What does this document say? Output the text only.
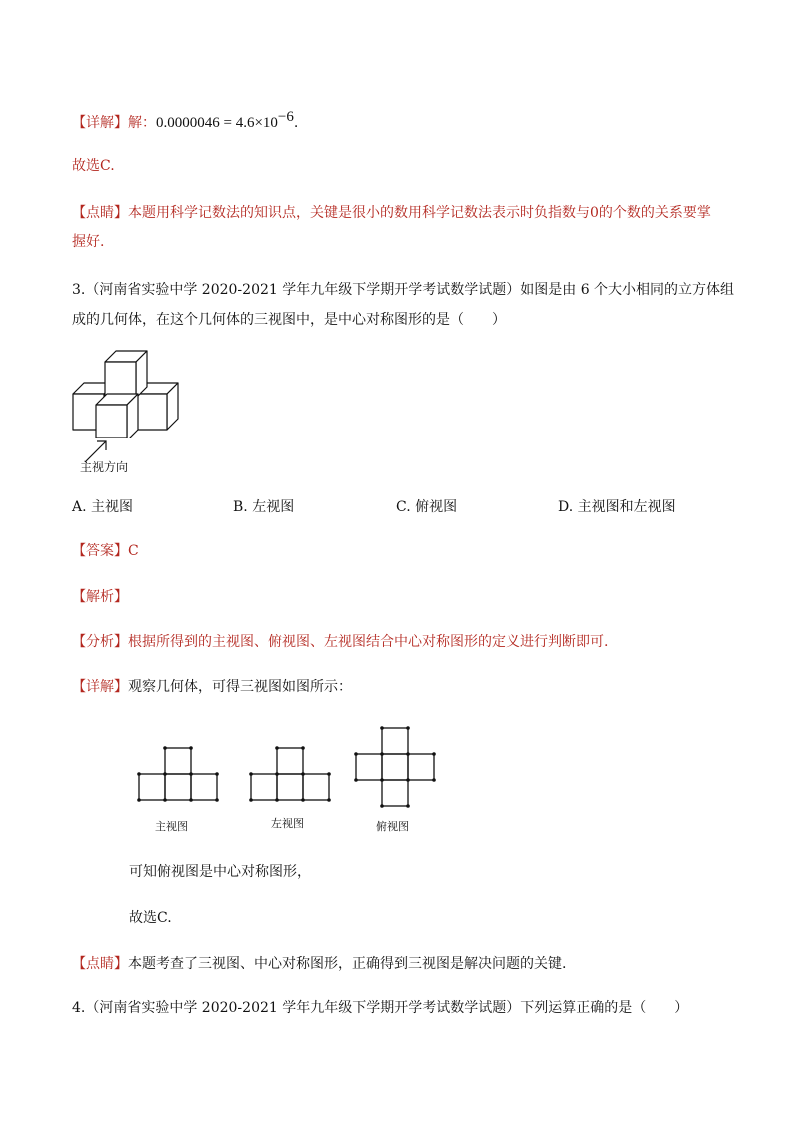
【详解】解：$0.0000046 = 4.6\times 10^{-6}$.
故选C.
【点睛】本题用科学记数法的知识点，关键是很小的数用科学记数法表示时负指数与0的个数的关系要掌
握好.
3.（河南省实验中学 2020-2021 学年九年级下学期开学考试数学试题）如图是由 6 个大小相同的立方体组
成的几何体，在这个几何体的三视图中，是中心对称图形的是（　　）
主视方向
A. 主视图	B. 左视图	C. 俯视图	D. 主视图和左视图
【答案】C
【解析】
【分析】根据所得到的主视图、俯视图、左视图结合中心对称图形的定义进行判断即可.
【详解】观察几何体，可得三视图如图所示：
主视图	左视图	俯视图
可知俯视图是中心对称图形，
故选C.
【点睛】本题考查了三视图、中心对称图形，正确得到三视图是解决问题的关键.
4.（河南省实验中学 2020-2021 学年九年级下学期开学考试数学试题）下列运算正确的是（　　）
